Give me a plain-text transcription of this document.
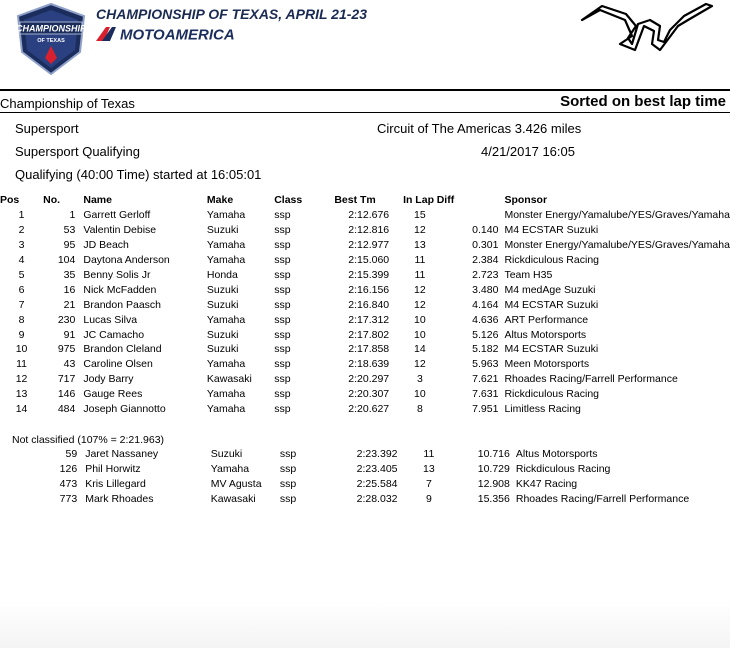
CHAMPIONSHIP
OF TEXAS
CHAMPIONSHIP OF TEXAS, APRIL 21-23
MOTOAMERICA
Championship of Texas	Sorted on best lap time
Supersport	Circuit of The Americas 3.426 miles
Supersport Qualifying	4/21/2017 16:05
Qualifying (40:00 Time) started at 16:05:01
Pos	No.	Name	Make	Class	Best Tm	In Lap	Diff	Sponsor
1	1	Garrett Gerloff	Yamaha	ssp	2:12.676	15		Monster Energy/Yamalube/YES/Graves/Yamaha
2	53	Valentin Debise	Suzuki	ssp	2:12.816	12	0.140	M4 ECSTAR Suzuki
3	95	JD Beach	Yamaha	ssp	2:12.977	13	0.301	Monster Energy/Yamalube/YES/Graves/Yamaha
4	104	Daytona Anderson	Yamaha	ssp	2:15.060	11	2.384	Rickdiculous Racing
5	35	Benny Solis Jr	Honda	ssp	2:15.399	11	2.723	Team H35
6	16	Nick McFadden	Suzuki	ssp	2:16.156	12	3.480	M4 medAge Suzuki
7	21	Brandon Paasch	Suzuki	ssp	2:16.840	12	4.164	M4 ECSTAR Suzuki
8	230	Lucas Silva	Yamaha	ssp	2:17.312	10	4.636	ART Performance
9	91	JC Camacho	Suzuki	ssp	2:17.802	10	5.126	Altus Motorsports
10	975	Brandon Cleland	Suzuki	ssp	2:17.858	14	5.182	M4 ECSTAR Suzuki
11	43	Caroline Olsen	Yamaha	ssp	2:18.639	12	5.963	Meen Motorsports
12	717	Jody Barry	Kawasaki	ssp	2:20.297	3	7.621	Rhoades Racing/Farrell Performance
13	146	Gauge Rees	Yamaha	ssp	2:20.307	10	7.631	Rickdiculous Racing
14	484	Joseph Giannotto	Yamaha	ssp	2:20.627	8	7.951	Limitless Racing
Not classified (107% = 2:21.963)
	59	Jaret Nassaney	Suzuki	ssp	2:23.392	11	10.716	Altus Motorsports
	126	Phil Horwitz	Yamaha	ssp	2:23.405	13	10.729	Rickdiculous Racing
	473	Kris Lillegard	MV Agusta	ssp	2:25.584	7	12.908	KK47 Racing
	773	Mark Rhoades	Kawasaki	ssp	2:28.032	9	15.356	Rhoades Racing/Farrell Performance
